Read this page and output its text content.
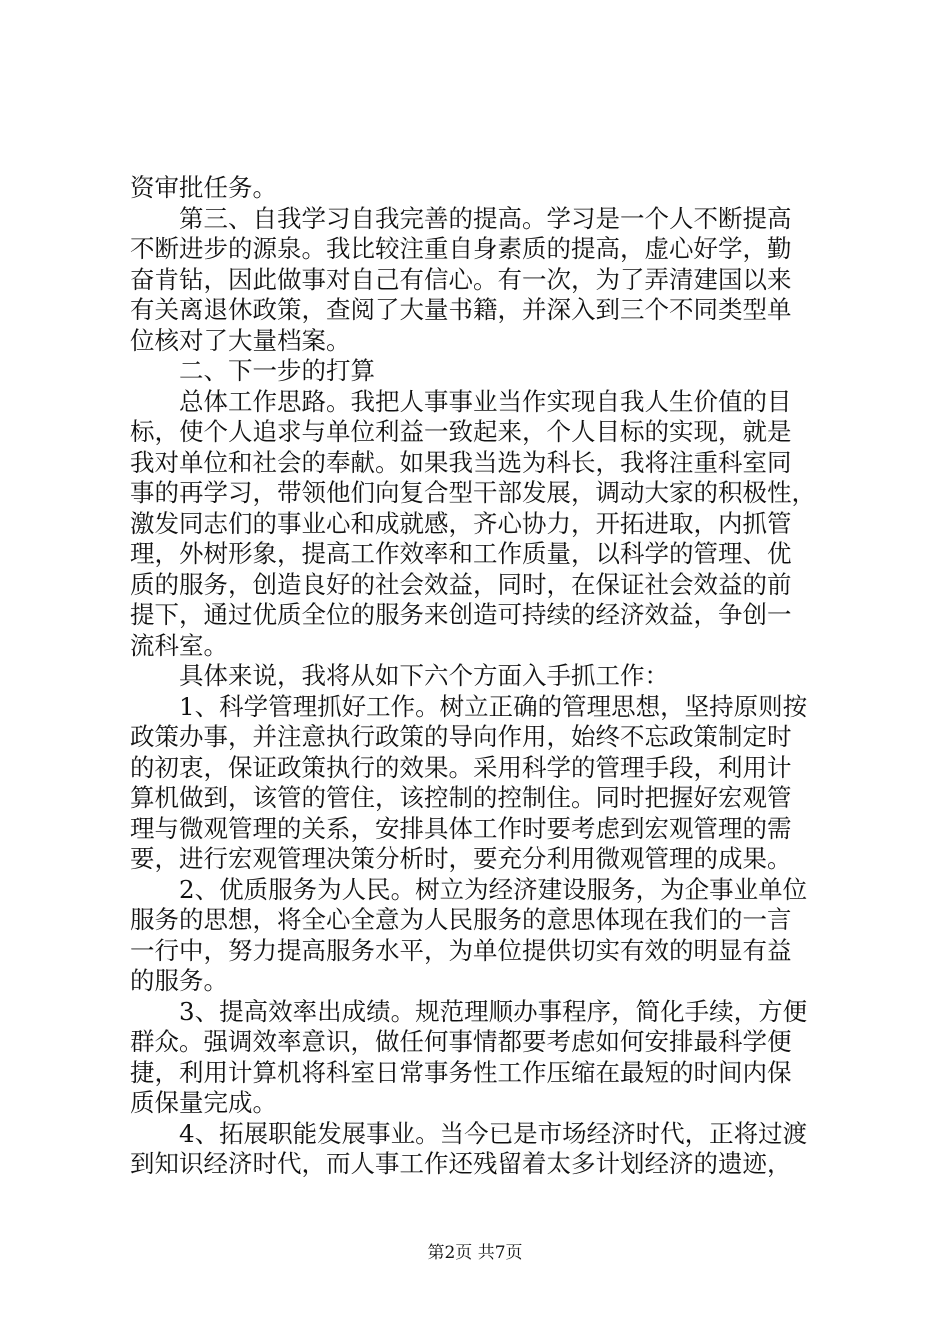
资审批任务。
第三、自我学习自我完善的提高。学习是一个人不断提高
不断进步的源泉。我比较注重自身素质的提高，虚心好学，勤
奋肯钻，因此做事对自己有信心。有一次，为了弄清建国以来
有关离退休政策，查阅了大量书籍，并深入到三个不同类型单
位核对了大量档案。
二、下一步的打算
总体工作思路。我把人事事业当作实现自我人生价值的目
标，使个人追求与单位利益一致起来，个人目标的实现，就是
我对单位和社会的奉献。如果我当选为科长，我将注重科室同
事的再学习，带领他们向复合型干部发展，调动大家的积极性，
激发同志们的事业心和成就感，齐心协力，开拓进取，内抓管
理，外树形象，提高工作效率和工作质量，以科学的管理、优
质的服务，创造良好的社会效益，同时，在保证社会效益的前
提下，通过优质全位的服务来创造可持续的经济效益，争创一
流科室。
具体来说，我将从如下六个方面入手抓工作：
1、科学管理抓好工作。树立正确的管理思想，坚持原则按
政策办事，并注意执行政策的导向作用，始终不忘政策制定时
的初衷，保证政策执行的效果。采用科学的管理手段，利用计
算机做到，该管的管住，该控制的控制住。同时把握好宏观管
理与微观管理的关系，安排具体工作时要考虑到宏观管理的需
要，进行宏观管理决策分析时，要充分利用微观管理的成果。
2、优质服务为人民。树立为经济建设服务，为企事业单位
服务的思想，将全心全意为人民服务的意思体现在我们的一言
一行中，努力提高服务水平，为单位提供切实有效的明显有益
的服务。
3、提高效率出成绩。规范理顺办事程序，简化手续，方便
群众。强调效率意识，做任何事情都要考虑如何安排最科学便
捷，利用计算机将科室日常事务性工作压缩在最短的时间内保
质保量完成。
4、拓展职能发展事业。当今已是市场经济时代，正将过渡
到知识经济时代，而人事工作还残留着太多计划经济的遗迹，
第2页 共7页
